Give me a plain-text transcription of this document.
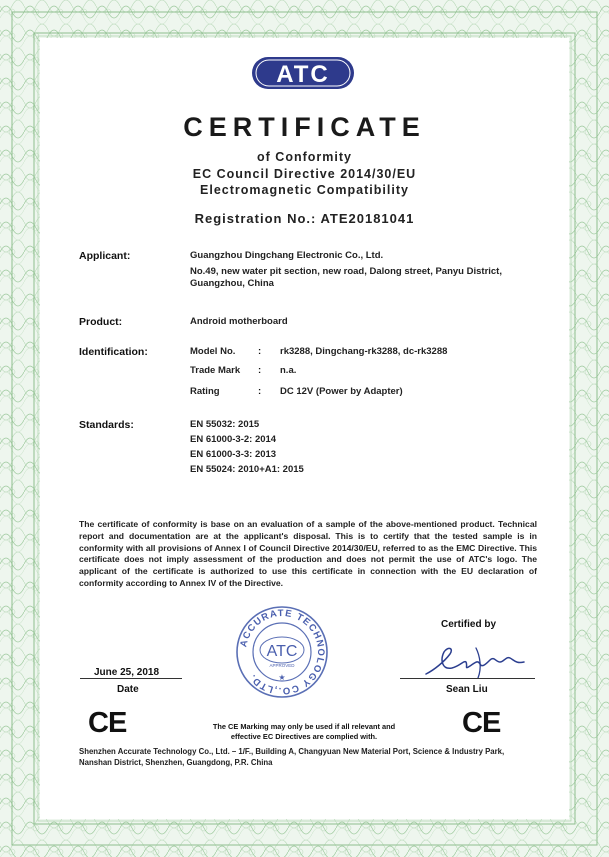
ATC
CERTIFICATE
of Conformity
EC Council Directive 2014/30/EU
Electromagnetic Compatibility
Registration No.: ATE20181041
Applicant:	Guangzhou Dingchang Electronic Co., Ltd.
No.49, new water pit section, new road, Dalong street, Panyu District,
Guangzhou, China
Product:	Android motherboard
Identification:	Model No. : rk3288, Dingchang-rk3288, dc-rk3288
Trade Mark : n.a.
Rating	: DC 12V (Power by Adapter)
Standards:	EN 55032: 2015
EN 61000-3-2: 2014
EN 61000-3-3: 2013
EN 55024: 2010+A1: 2015
The certificate of conformity is base on an evaluation of a sample of the above-mentioned product. Technical report and documentation are at the applicant's disposal. This is to certify that the tested sample is in conformity with all provisions of Annex I of Council Directive 2014/30/EU, referred to as the EMC Directive. This certificate does not imply assessment of the production and does not permit the use of ATC's logo. The applicant of the certificate is authorized to use this certificate in connection with the EU declaration of conformity according to Annex IV of the Directive.
ACCURATE TECHNOLOGY CO.,LTD.
ATC
APPROVED
★
June 25, 2018
Date
Certified by
Sean Liu
CE	The CE Marking may only be used if all relevant and
effective EC Directives are complied with.	CE
Shenzhen Accurate Technology Co., Ltd. – 1/F., Building A, Changyuan New Material Port, Science & Industry Park,
Nanshan District, Shenzhen, Guangdong, P.R. China
